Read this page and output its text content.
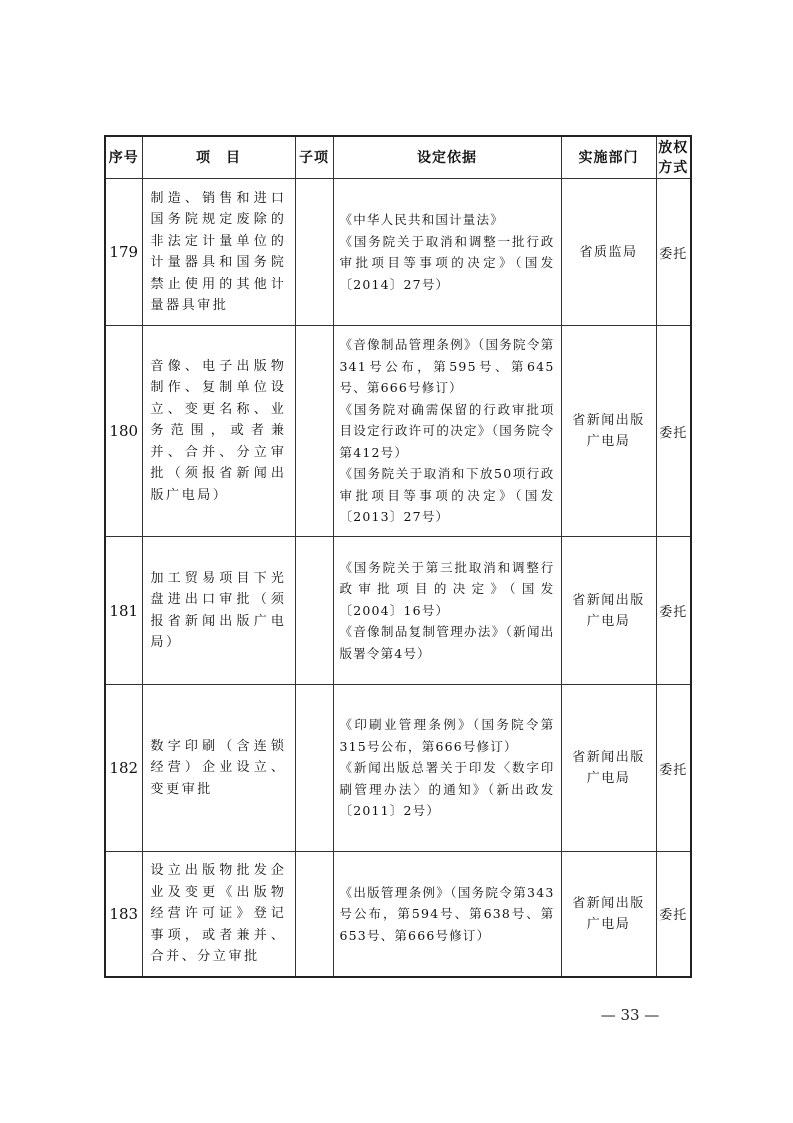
序号	项　目	子项	设定依据	实施部门	放权方式
179	制造、销售和进口国务院规定废除的非法定计量单位的计量器具和国务院禁止使用的其他计量器具审批		《中华人民共和国计量法》
《国务院关于取消和调整一批行政审批项目等事项的决定》（国发〔2014〕27号）	省质监局	委托
180	音像、电子出版物制作、复制单位设立、变更名称、业务范围，或者兼并、合并、分立审批（须报省新闻出版广电局）		《音像制品管理条例》（国务院令第341号公布，第595号、第645号、第666号修订）
《国务院对确需保留的行政审批项目设定行政许可的决定》（国务院令第412号）
《国务院关于取消和下放50项行政审批项目等事项的决定》（国发〔2013〕27号）	省新闻出版广电局	委托
181	加工贸易项目下光盘进出口审批（须报省新闻出版广电局）		《国务院关于第三批取消和调整行政审批项目的决定》（国发〔2004〕16号）
《音像制品复制管理办法》（新闻出版署令第4号）	省新闻出版广电局	委托
182	数字印刷（含连锁经营）企业设立、变更审批		《印刷业管理条例》（国务院令第315号公布，第666号修订）
《新闻出版总署关于印发〈数字印刷管理办法〉的通知》（新出政发〔2011〕2号）	省新闻出版广电局	委托
183	设立出版物批发企业及变更《出版物经营许可证》登记事项，或者兼并、合并、分立审批		《出版管理条例》（国务院令第343号公布，第594号、第638号、第653号、第666号修订）	省新闻出版广电局	委托
— 33 —
